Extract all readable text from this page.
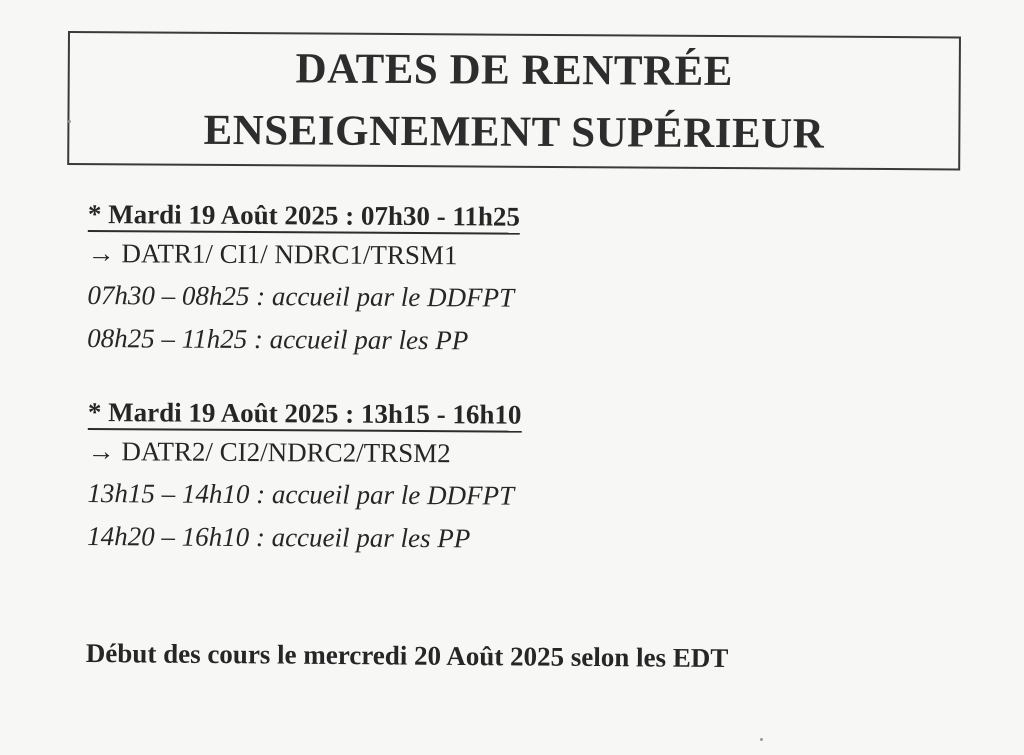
DATES DE RENTRÉE
ENSEIGNEMENT SUPÉRIEUR
* Mardi 19 Août 2025 : 07h30 - 11h25
→ DATR1/ CI1/ NDRC1/TRSM1
07h30 – 08h25 : accueil par le DDFPT
08h25 – 11h25 : accueil par les PP
* Mardi 19 Août 2025 : 13h15 - 16h10
→ DATR2/ CI2/NDRC2/TRSM2
13h15 – 14h10 : accueil par le DDFPT
14h20 – 16h10 : accueil par les PP
Début des cours le mercredi 20 Août 2025 selon les EDT
